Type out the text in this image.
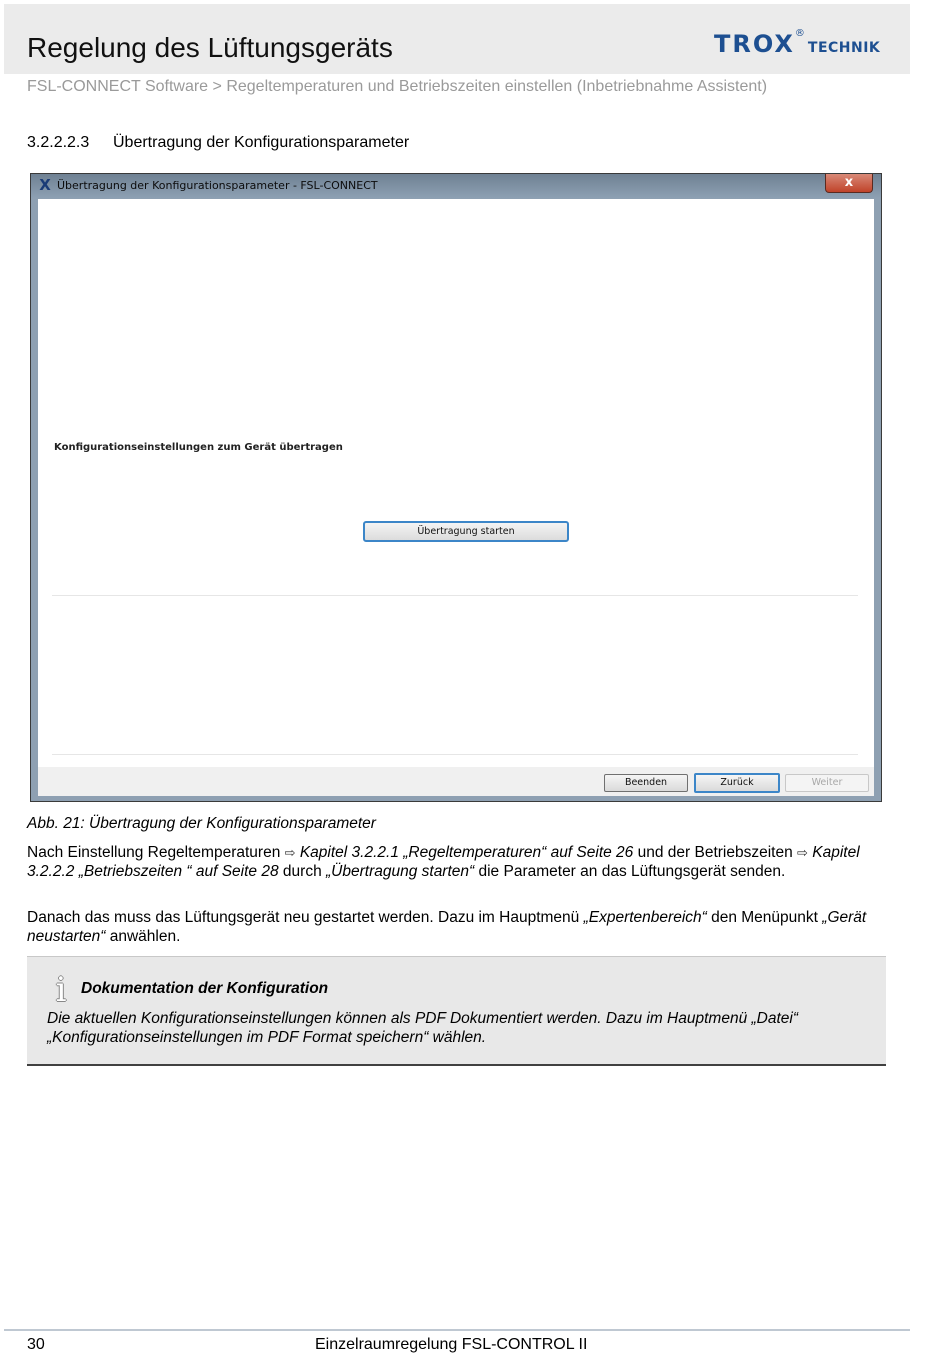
Regelung des Lüftungsgeräts	TROX®TECHNIK
FSL-CONNECT Software > Regeltemperaturen und Betriebszeiten einstellen (Inbetriebnahme Assistent)
3.2.2.2.3 Übertragung der Konfigurationsparameter
X Übertragung der Konfigurationsparameter - FSL-CONNECT	x
Konfigurationseinstellungen zum Gerät übertragen
Übertragung starten
Beenden	Zurück	Weiter
Abb. 21: Übertragung der Konfigurationsparameter
Nach Einstellung Regeltemperaturen ⇨ Kapitel 3.2.2.1 „Regeltemperaturen“ auf Seite 26 und der Betriebszeiten ⇨ Kapitel 3.2.2.2 „Betriebszeiten “ auf Seite 28 durch „Übertragung starten“ die Parameter an das Lüftungsgerät senden.
Danach das muss das Lüftungsgerät neu gestartet werden. Dazu im Hauptmenü „Expertenbereich“ den Menüpunkt „Gerät neustarten“ anwählen.
i Dokumentation der Konfiguration
Die aktuellen Konfigurationseinstellungen können als PDF Dokumentiert werden. Dazu im Hauptmenü „Datei“ „Konfigurationseinstellungen im PDF Format speichern“ wählen.
30	Einzelraumregelung FSL-CONTROL II
